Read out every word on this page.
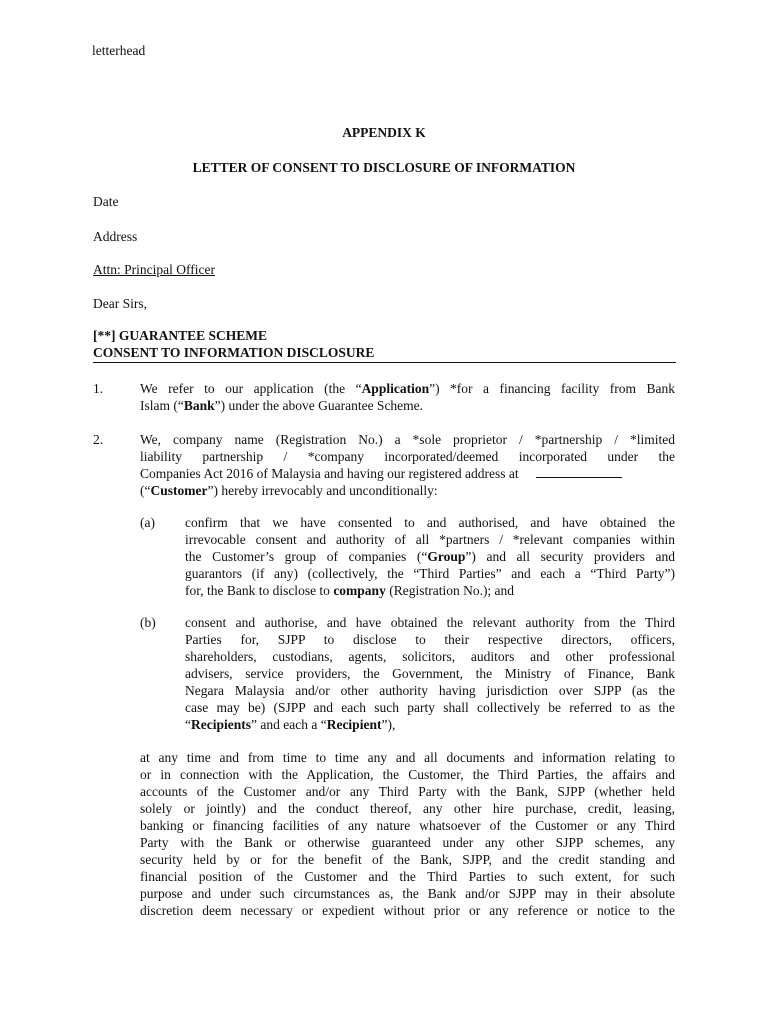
letterhead
APPENDIX K
LETTER OF CONSENT TO DISCLOSURE OF INFORMATION
Date
Address
Attn: Principal Officer
Dear Sirs,
[**] GUARANTEE SCHEME
CONSENT TO INFORMATION DISCLOSURE
1.	We refer to our application (the “Application”) *for a financing facility from Bank
Islam (“Bank”) under the above Guarantee Scheme.
2.	We, company name (Registration No.) a *sole proprietor / *partnership / *limited
liability partnership / *company incorporated/deemed incorporated under the
Companies Act 2016 of Malaysia and having our registered address at
(“Customer”) hereby irrevocably and unconditionally:
(a) confirm that we have consented to and authorised, and have obtained the
irrevocable consent and authority of all *partners / *relevant companies within
the Customer’s group of companies (“Group”) and all security providers and
guarantors (if any) (collectively, the “Third Parties” and each a “Third Party”)
for, the Bank to disclose to company (Registration No.); and
(b) consent and authorise, and have obtained the relevant authority from the Third
Parties for, SJPP to disclose to their respective directors, officers,
shareholders, custodians, agents, solicitors, auditors and other professional
advisers, service providers, the Government, the Ministry of Finance, Bank
Negara Malaysia and/or other authority having jurisdiction over SJPP (as the
case may be) (SJPP and each such party shall collectively be referred to as the
“Recipients” and each a “Recipient”),
at any time and from time to time any and all documents and information relating to
or in connection with the Application, the Customer, the Third Parties, the affairs and
accounts of the Customer and/or any Third Party with the Bank, SJPP (whether held
solely or jointly) and the conduct thereof, any other hire purchase, credit, leasing,
banking or financing facilities of any nature whatsoever of the Customer or any Third
Party with the Bank or otherwise guaranteed under any other SJPP schemes, any
security held by or for the benefit of the Bank, SJPP, and the credit standing and
financial position of the Customer and the Third Parties to such extent, for such
purpose and under such circumstances as, the Bank and/or SJPP may in their absolute
discretion deem necessary or expedient without prior or any reference or notice to the
